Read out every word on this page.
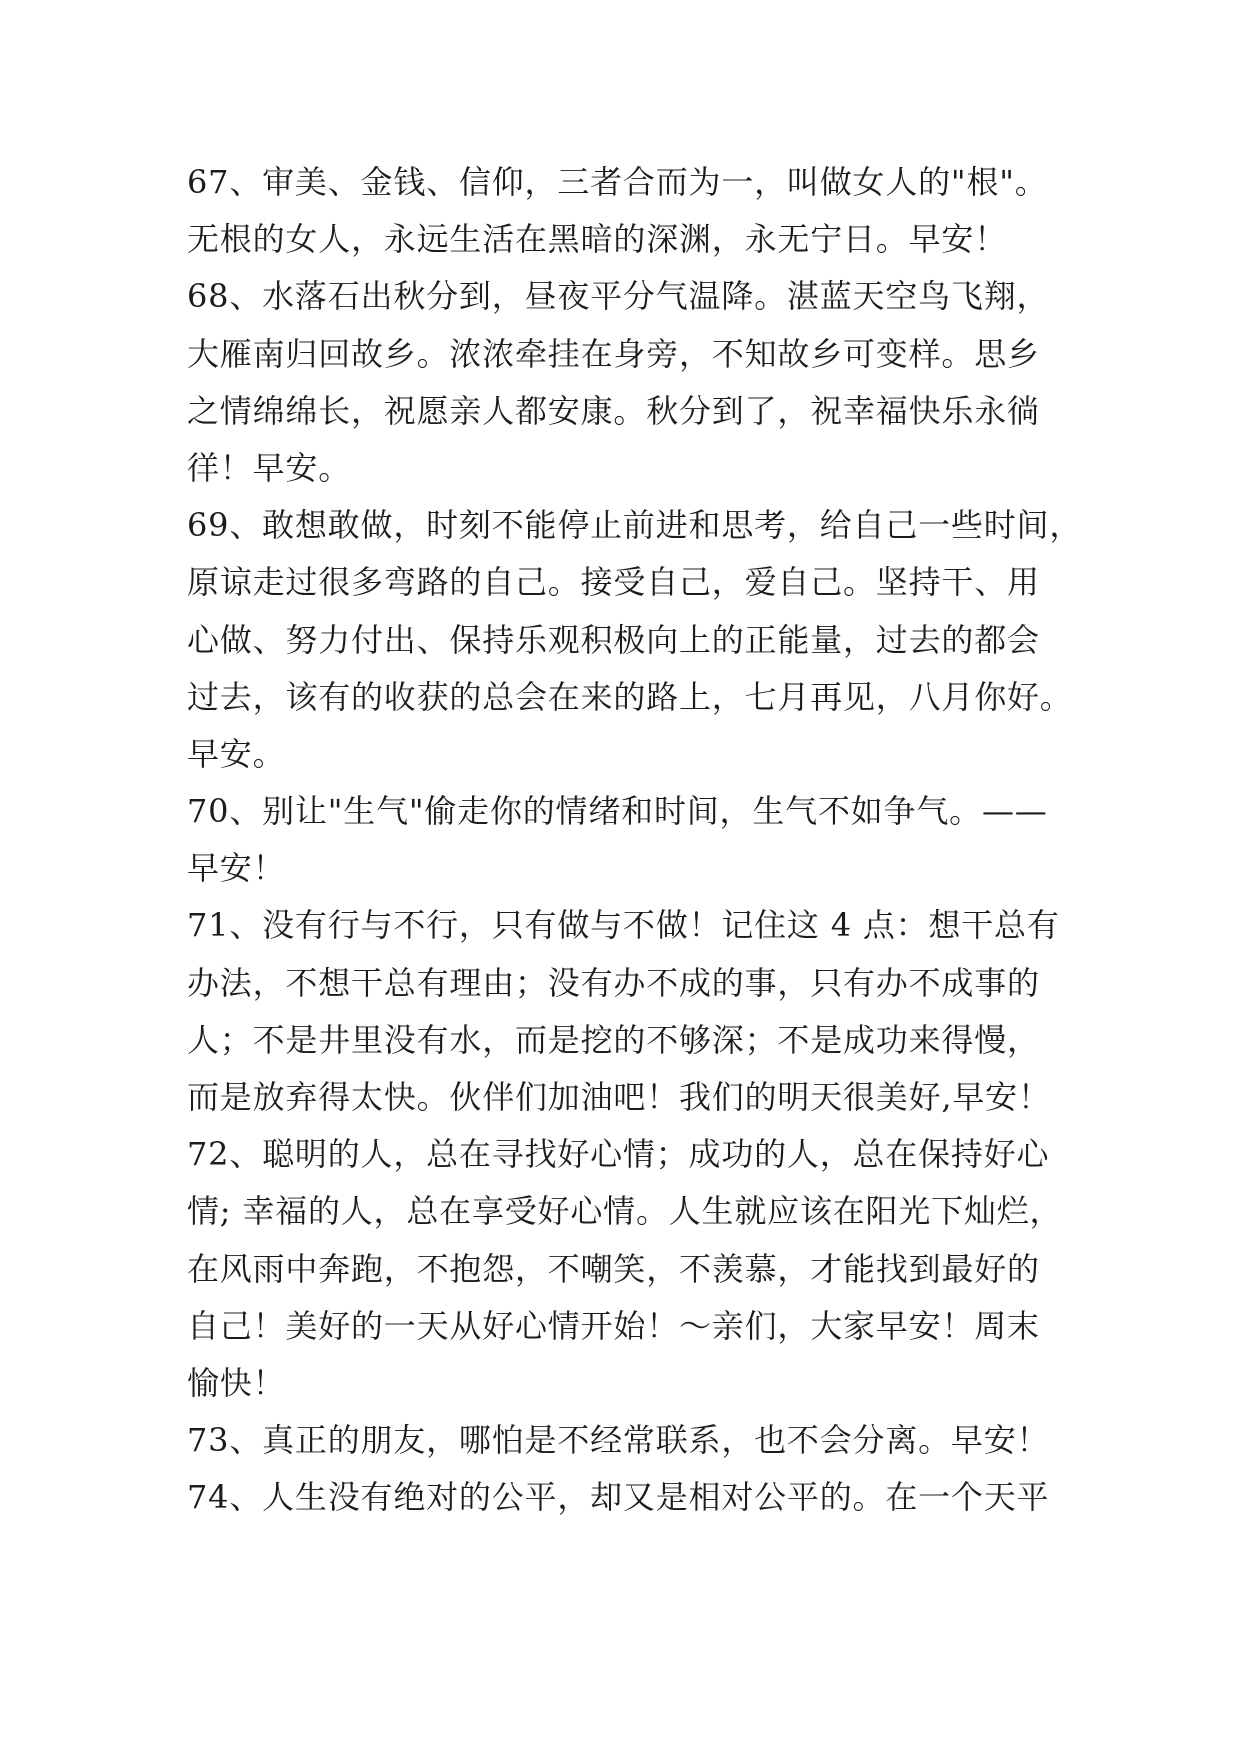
67、审美、金钱、信仰，三者合而为一，叫做女人的"根"。
无根的女人，永远生活在黑暗的深渊，永无宁日。早安！
68、水落石出秋分到，昼夜平分气温降。湛蓝天空鸟飞翔，
大雁南归回故乡。浓浓牵挂在身旁，不知故乡可变样。思乡
之情绵绵长，祝愿亲人都安康。秋分到了，祝幸福快乐永徜
徉！早安。
69、敢想敢做，时刻不能停止前进和思考，给自己一些时间，
原谅走过很多弯路的自己。接受自己，爱自己。坚持干、用
心做、努力付出、保持乐观积极向上的正能量，过去的都会
过去，该有的收获的总会在来的路上，七月再见，八月你好。
早安。
70、别让"生气"偷走你的情绪和时间，生气不如争气。——
早安！
71、没有行与不行，只有做与不做！记住这 4 点：想干总有
办法，不想干总有理由；没有办不成的事，只有办不成事的
人；不是井里没有水，而是挖的不够深；不是成功来得慢，
而是放弃得太快。伙伴们加油吧！我们的明天很美好,早安！
72、聪明的人，总在寻找好心情；成功的人，总在保持好心
情; 幸福的人，总在享受好心情。人生就应该在阳光下灿烂，
在风雨中奔跑，不抱怨，不嘲笑，不羡慕，才能找到最好的
自己！美好的一天从好心情开始！～亲们，大家早安！周末
愉快！
73、真正的朋友，哪怕是不经常联系，也不会分离。早安！
74、人生没有绝对的公平，却又是相对公平的。在一个天平
